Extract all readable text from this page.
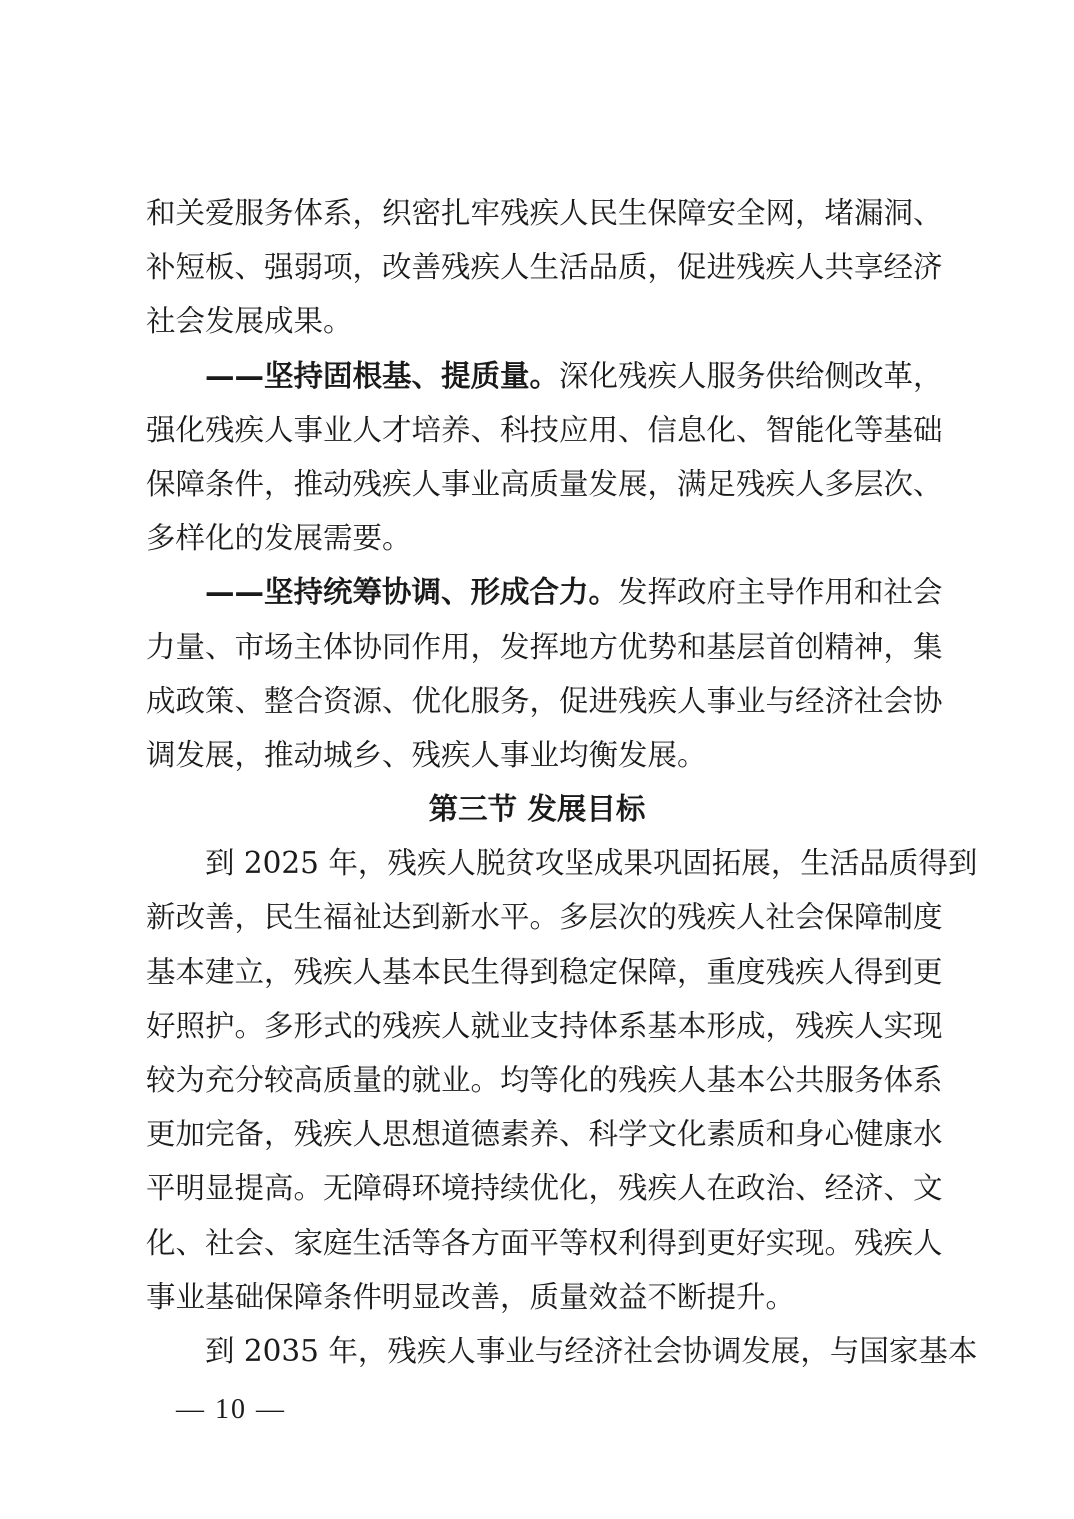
和关爱服务体系，织密扎牢残疾人民生保障安全网，堵漏洞、
补短板、强弱项，改善残疾人生活品质，促进残疾人共享经济
社会发展成果。
——坚持固根基、提质量。深化残疾人服务供给侧改革，
强化残疾人事业人才培养、科技应用、信息化、智能化等基础
保障条件，推动残疾人事业高质量发展，满足残疾人多层次、
多样化的发展需要。
——坚持统筹协调、形成合力。发挥政府主导作用和社会
力量、市场主体协同作用，发挥地方优势和基层首创精神，集
成政策、整合资源、优化服务，促进残疾人事业与经济社会协
调发展，推动城乡、残疾人事业均衡发展。
第三节 发展目标
到 2025 年，残疾人脱贫攻坚成果巩固拓展，生活品质得到
新改善，民生福祉达到新水平。多层次的残疾人社会保障制度
基本建立，残疾人基本民生得到稳定保障，重度残疾人得到更
好照护。多形式的残疾人就业支持体系基本形成，残疾人实现
较为充分较高质量的就业。均等化的残疾人基本公共服务体系
更加完备，残疾人思想道德素养、科学文化素质和身心健康水
平明显提高。无障碍环境持续优化，残疾人在政治、经济、文
化、社会、家庭生活等各方面平等权利得到更好实现。残疾人
事业基础保障条件明显改善，质量效益不断提升。
到 2035 年，残疾人事业与经济社会协调发展，与国家基本
— 10 —
